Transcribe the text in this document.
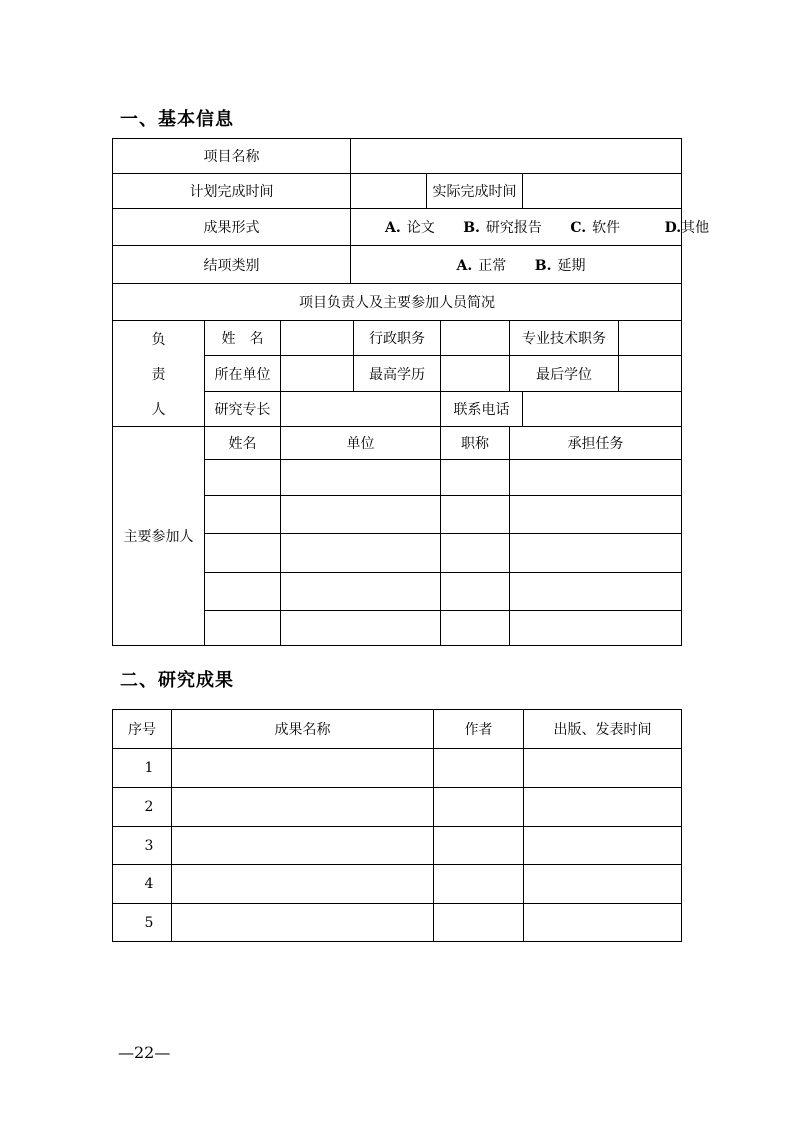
一、基本信息
项目名称									
计划完成时间					实际完成时间				
成果形式			A. 论文 B. 研究报告 C. 软件 D.其他						
结项类别			A. 正常 B. 延期						
项目负责人及主要参加人员简况									

负
责
人	姓　名			行政职务			专业技术职务		
	所在单位			最高学历			最后学位		
	研究专长					联系电话			
主要参加人	姓名	单位				职称	承担任务		

二、研究成果
序号	成果名称	作者	出版、发表时间
1			
2			
3			
4			
5			
—22—
